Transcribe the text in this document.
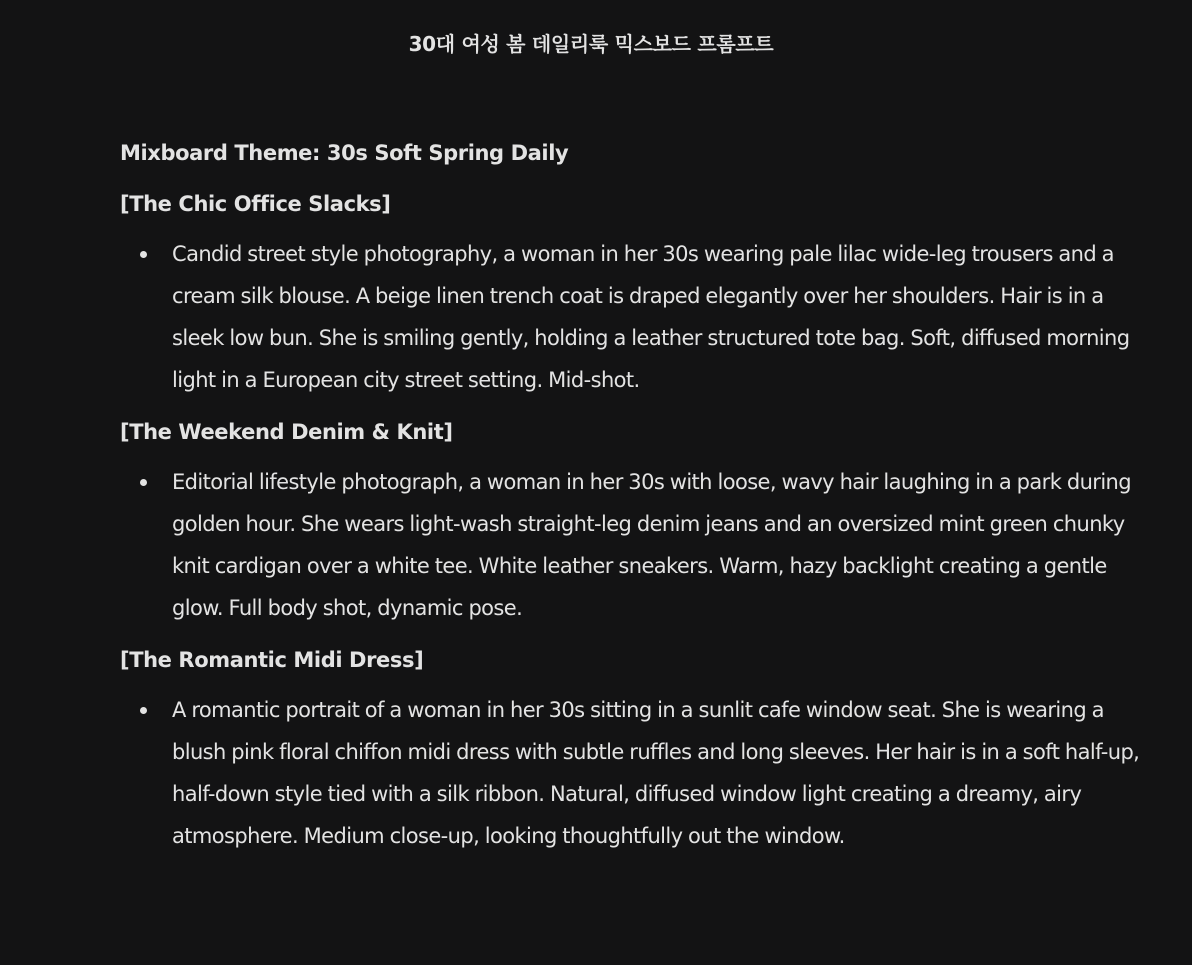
30대 여성 봄 데일리룩 믹스보드 프롬프트
Mixboard Theme: 30s Soft Spring Daily
[The Chic Office Slacks]
Candid street style photography, a woman in her 30s wearing pale lilac wide-leg trousers and a cream silk blouse. A beige linen trench coat is draped elegantly over her shoulders. Hair is in a sleek low bun. She is smiling gently, holding a leather structured tote bag. Soft, diffused morning light in a European city street setting. Mid-shot.
[The Weekend Denim & Knit]
Editorial lifestyle photograph, a woman in her 30s with loose, wavy hair laughing in a park during golden hour. She wears light-wash straight-leg denim jeans and an oversized mint green chunky knit cardigan over a white tee. White leather sneakers. Warm, hazy backlight creating a gentle glow. Full body shot, dynamic pose.
[The Romantic Midi Dress]
A romantic portrait of a woman in her 30s sitting in a sunlit cafe window seat. She is wearing a blush pink floral chiffon midi dress with subtle ruffles and long sleeves. Her hair is in a soft half-up, half-down style tied with a silk ribbon. Natural, diffused window light creating a dreamy, airy atmosphere. Medium close-up, looking thoughtfully out the window.
